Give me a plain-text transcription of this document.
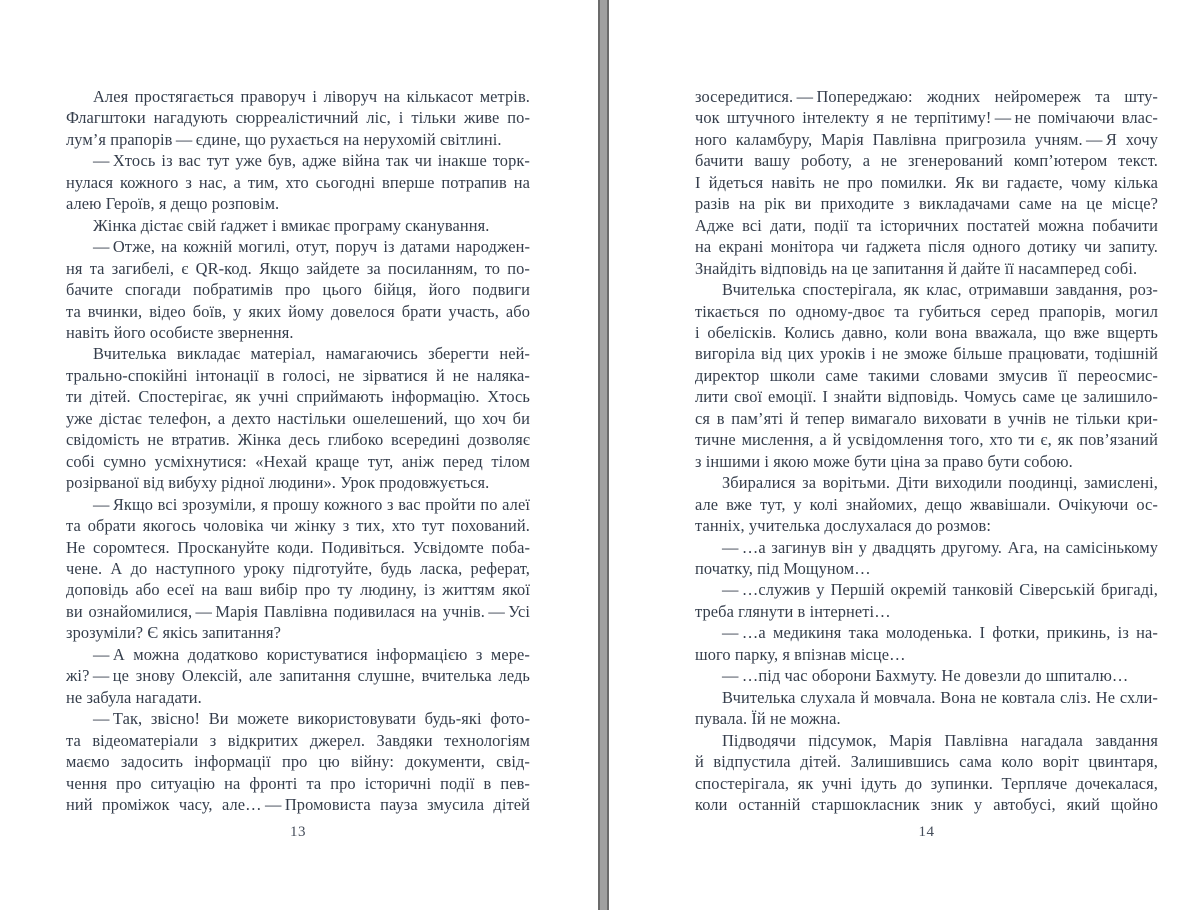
Алея простягається праворуч і ліворуч на кількасот метрів.
Флагштоки нагадують сюрреалістичний ліс, і тільки живе по-
лум’я прапорів — єдине, що рухається на нерухомій світлині.
— Хтось із вас тут уже був, адже війна так чи інакше торк-
нулася кожного з нас, а тим, хто сьогодні вперше потрапив на
алею Героїв, я дещо розповім.
Жінка дістає свій ґаджет і вмикає програму сканування.
— Отже, на кожній могилі, отут, поруч із датами народжен-
ня та загибелі, є QR-код. Якщо зайдете за посиланням, то по-
бачите спогади побратимів про цього бійця, його подвиги
та вчинки, відео боїв, у яких йому довелося брати участь, або
навіть його особисте звернення.
Вчителька викладає матеріал, намагаючись зберегти ней-
трально-спокійні інтонації в голосі, не зірватися й не наляка-
ти дітей. Спостерігає, як учні сприймають інформацію. Хтось
уже дістає телефон, а дехто настільки ошелешений, що хоч би
свідомість не втратив. Жінка десь глибоко всередині дозволяє
собі сумно усміхнутися: «Нехай краще тут, аніж перед тілом
розірваної від вибуху рідної людини». Урок продовжується.
— Якщо всі зрозуміли, я прошу кожного з вас пройти по алеї
та обрати якогось чоловіка чи жінку з тих, хто тут похований.
Не соромтеся. Проскануйте коди. Подивіться. Усвідомте поба-
чене. А до наступного уроку підготуйте, будь ласка, реферат,
доповідь або есеї на ваш вибір про ту людину, із життям якої
ви ознайомилися, — Марія Павлівна подивилася на учнів. — Усі
зрозуміли? Є якісь запитання?
— А можна додатково користуватися інформацією з мере-
жі? — це знову Олексій, але запитання слушне, вчителька ледь
не забула нагадати.
— Так, звісно! Ви можете використовувати будь-які фото-
та відеоматеріали з відкритих джерел. Завдяки технологіям
маємо задосить інформації про цю війну: документи, свід-
чення про ситуацію на фронті та про історичні події в пев-
ний проміжок часу, але… — Промовиста пауза змусила дітей
зосередитися. — Попереджаю: жодних нейромереж та шту-
чок штучного інтелекту я не терпітиму! — не помічаючи влас-
ного каламбуру, Марія Павлівна пригрозила учням. — Я хочу
бачити вашу роботу, а не згенерований комп’ютером текст.
І йдеться навіть не про помилки. Як ви гадаєте, чому кілька
разів на рік ви приходите з викладачами саме на це місце?
Адже всі дати, події та історичних постатей можна побачити
на екрані монітора чи ґаджета після одного дотику чи запиту.
Знайдіть відповідь на це запитання й дайте її насамперед собі.
Вчителька спостерігала, як клас, отримавши завдання, роз-
тікається по одному-двоє та губиться серед прапорів, могил
і обелісків. Колись давно, коли вона вважала, що вже вщерть
вигоріла від цих уроків і не зможе більше працювати, тодішній
директор школи саме такими словами змусив її переосмис-
лити свої емоції. І знайти відповідь. Чомусь саме це залишило-
ся в пам’яті й тепер вимагало виховати в учнів не тільки кри-
тичне мислення, а й усвідомлення того, хто ти є, як пов’язаний
з іншими і якою може бути ціна за право бути собою.
Збиралися за ворітьми. Діти виходили поодинці, замислені,
але вже тут, у колі знайомих, дещо жвавішали. Очікуючи ос-
танніх, учителька дослухалася до розмов:
— …а загинув він у двадцять другому. Ага, на самісінькому
початку, під Мощуном…
— …служив у Першій окремій танковій Сіверській бригаді,
треба глянути в інтернеті…
— …а медикиня така молоденька. І фотки, прикинь, із на-
шого парку, я впізнав місце…
— …під час оборони Бахмуту. Не довезли до шпиталю…
Вчителька слухала й мовчала. Вона не ковтала сліз. Не схли-
пувала. Їй не можна.
Підводячи підсумок, Марія Павлівна нагадала завдання
й відпустила дітей. Залишившись сама коло воріт цвинтаря,
спостерігала, як учні ідуть до зупинки. Терпляче дочекалася,
коли останній старшокласник зник у автобусі, який щойно
13	14
